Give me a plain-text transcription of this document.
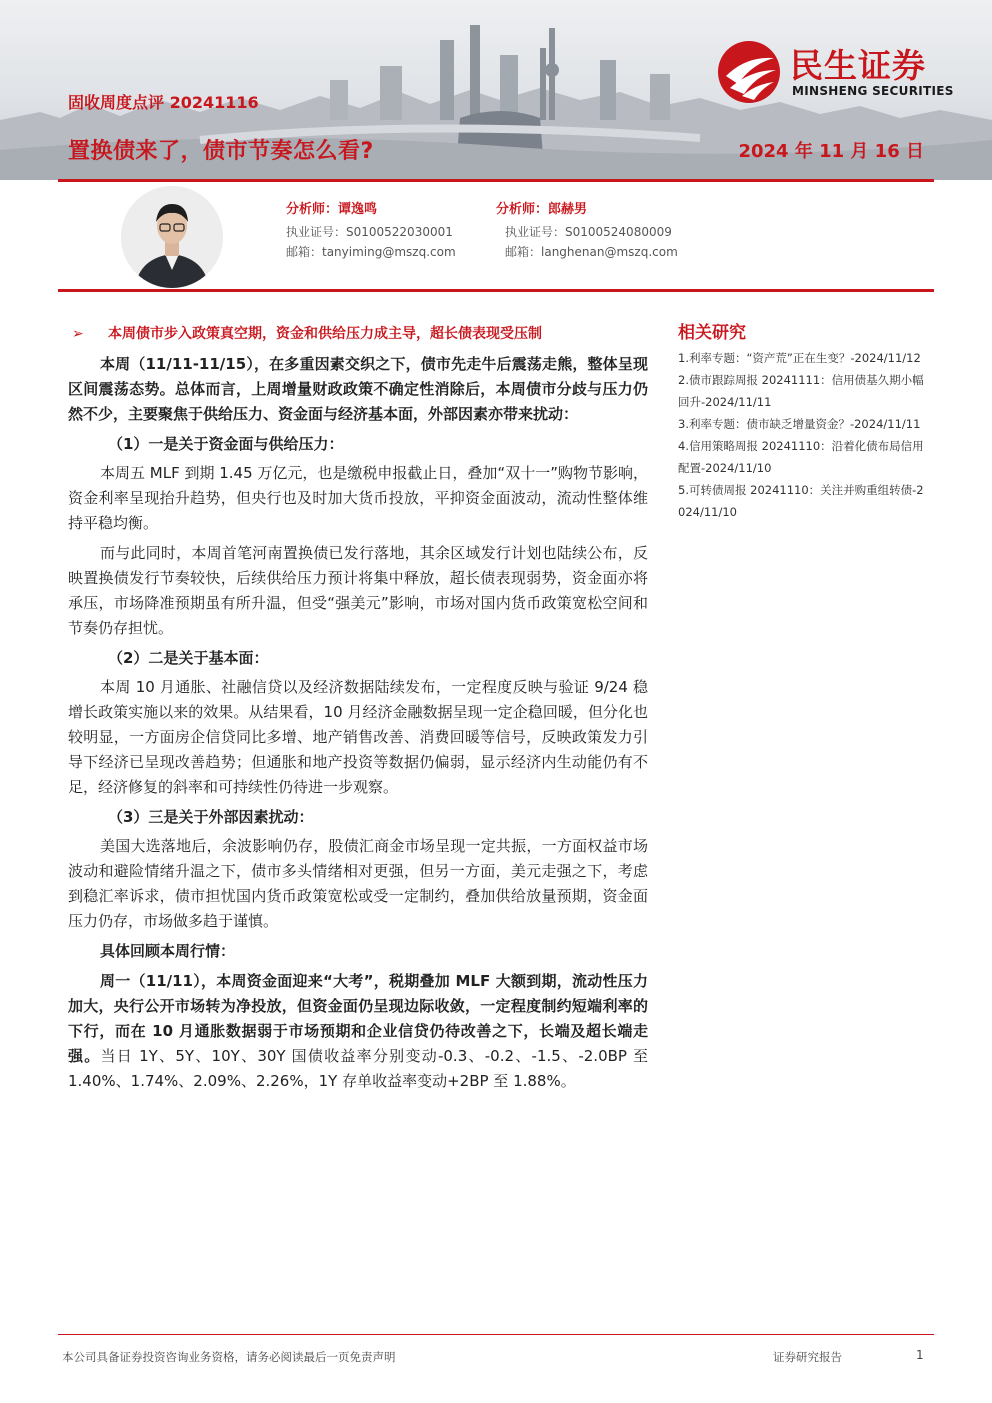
固收周度点评 20241116
置换债来了，债市节奏怎么看?	2024 年 11 月 16 日
民生证券
MINSHENG SECURITIES
分析师：谭逸鸣
执业证号：S0100522030001
邮箱：tanyiming@mszq.com
分析师：郎赫男
执业证号：S0100524080009
邮箱：langhenan@mszq.com
➢	本周债市步入政策真空期，资金和供给压力成主导，超长债表现受压制

本周（11/11-11/15），在多重因素交织之下，债市先走牛后震荡走熊，整体呈现区间震荡态势。总体而言，上周增量财政政策不确定性消除后，本周债市分歧与压力仍然不少，主要聚焦于供给压力、资金面与经济基本面，外部因素亦带来扰动：

（1）一是关于资金面与供给压力：

本周五 MLF 到期 1.45 万亿元，也是缴税申报截止日，叠加“双十一”购物节影响，资金利率呈现抬升趋势，但央行也及时加大货币投放，平抑资金面波动，流动性整体维持平稳均衡。

而与此同时，本周首笔河南置换债已发行落地，其余区域发行计划也陆续公布，反映置换债发行节奏较快，后续供给压力预计将集中释放，超长债表现弱势，资金面亦将承压，市场降准预期虽有所升温，但受“强美元”影响，市场对国内货币政策宽松空间和节奏仍存担忧。

（2）二是关于基本面：

本周 10 月通胀、社融信贷以及经济数据陆续发布，一定程度反映与验证 9/24 稳增长政策实施以来的效果。从结果看，10 月经济金融数据呈现一定企稳回暖，但分化也较明显，一方面房企信贷同比多增、地产销售改善、消费回暖等信号，反映政策发力引导下经济已呈现改善趋势；但通胀和地产投资等数据仍偏弱，显示经济内生动能仍有不足，经济修复的斜率和可持续性仍待进一步观察。

（3）三是关于外部因素扰动：

美国大选落地后，余波影响仍存，股债汇商金市场呈现一定共振，一方面权益市场波动和避险情绪升温之下，债市多头情绪相对更强，但另一方面，美元走强之下，考虑到稳汇率诉求，债市担忧国内货币政策宽松或受一定制约，叠加供给放量预期，资金面压力仍存，市场做多趋于谨慎。

具体回顾本周行情：

周一（11/11），本周资金面迎来“大考”，税期叠加 MLF 大额到期，流动性压力加大，央行公开市场转为净投放，但资金面仍呈现边际收敛，一定程度制约短端利率的下行，而在 10 月通胀数据弱于市场预期和企业信贷仍待改善之下，长端及超长端走强。当日 1Y、5Y、10Y、30Y 国债收益率分别变动-0.3、-0.2、-1.5、-2.0BP 至 1.40%、1.74%、2.09%、2.26%，1Y 存单收益率变动+2BP 至 1.88%。

相关研究
1.利率专题：“资产荒”正在生变？-2024/11/12
2.债市跟踪周报 20241111：信用债基久期小幅回升-2024/11/11
3.利率专题：债市缺乏增量资金？-2024/11/11
4.信用策略周报 20241110：沿着化债布局信用配置-2024/11/10
5.可转债周报 20241110：关注并购重组转债-2024/11/10
本公司具备证券投资咨询业务资格，请务必阅读最后一页免责声明	证券研究报告	1
